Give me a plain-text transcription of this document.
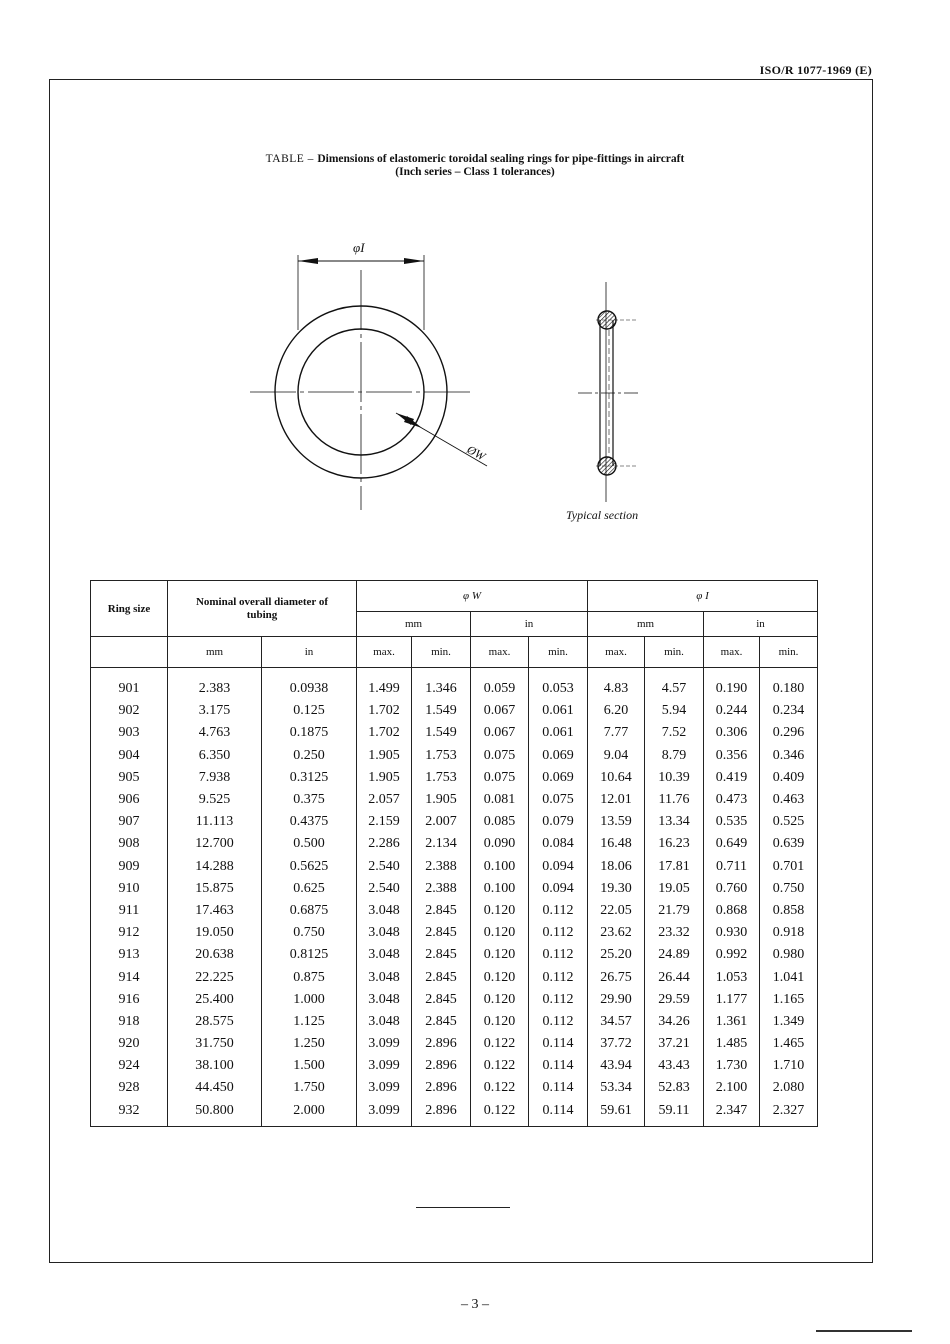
ISO/R 1077-1969 (E)
TABLE – Dimensions of elastomeric toroidal sealing rings for pipe-fittings in aircraft
(Inch series – Class 1 tolerances)
φI
ØW
Typical section
Ring size	Nominal overall diameter of tubing		φ W				φ I			
			mm		in		mm		in	
	mm	in	max.	min.	max.	min.	max.	min.	max.	min.
901	2.383	0.0938	1.499	1.346	0.059	0.053	4.83	4.57	0.190	0.180
902	3.175	0.125	1.702	1.549	0.067	0.061	6.20	5.94	0.244	0.234
903	4.763	0.1875	1.702	1.549	0.067	0.061	7.77	7.52	0.306	0.296
904	6.350	0.250	1.905	1.753	0.075	0.069	9.04	8.79	0.356	0.346
905	7.938	0.3125	1.905	1.753	0.075	0.069	10.64	10.39	0.419	0.409
906	9.525	0.375	2.057	1.905	0.081	0.075	12.01	11.76	0.473	0.463
907	11.113	0.4375	2.159	2.007	0.085	0.079	13.59	13.34	0.535	0.525
908	12.700	0.500	2.286	2.134	0.090	0.084	16.48	16.23	0.649	0.639
909	14.288	0.5625	2.540	2.388	0.100	0.094	18.06	17.81	0.711	0.701
910	15.875	0.625	2.540	2.388	0.100	0.094	19.30	19.05	0.760	0.750
911	17.463	0.6875	3.048	2.845	0.120	0.112	22.05	21.79	0.868	0.858
912	19.050	0.750	3.048	2.845	0.120	0.112	23.62	23.32	0.930	0.918
913	20.638	0.8125	3.048	2.845	0.120	0.112	25.20	24.89	0.992	0.980
914	22.225	0.875	3.048	2.845	0.120	0.112	26.75	26.44	1.053	1.041
916	25.400	1.000	3.048	2.845	0.120	0.112	29.90	29.59	1.177	1.165
918	28.575	1.125	3.048	2.845	0.120	0.112	34.57	34.26	1.361	1.349
920	31.750	1.250	3.099	2.896	0.122	0.114	37.72	37.21	1.485	1.465
924	38.100	1.500	3.099	2.896	0.122	0.114	43.94	43.43	1.730	1.710
928	44.450	1.750	3.099	2.896	0.122	0.114	53.34	52.83	2.100	2.080
932	50.800	2.000	3.099	2.896	0.122	0.114	59.61	59.11	2.347	2.327
– 3 –
